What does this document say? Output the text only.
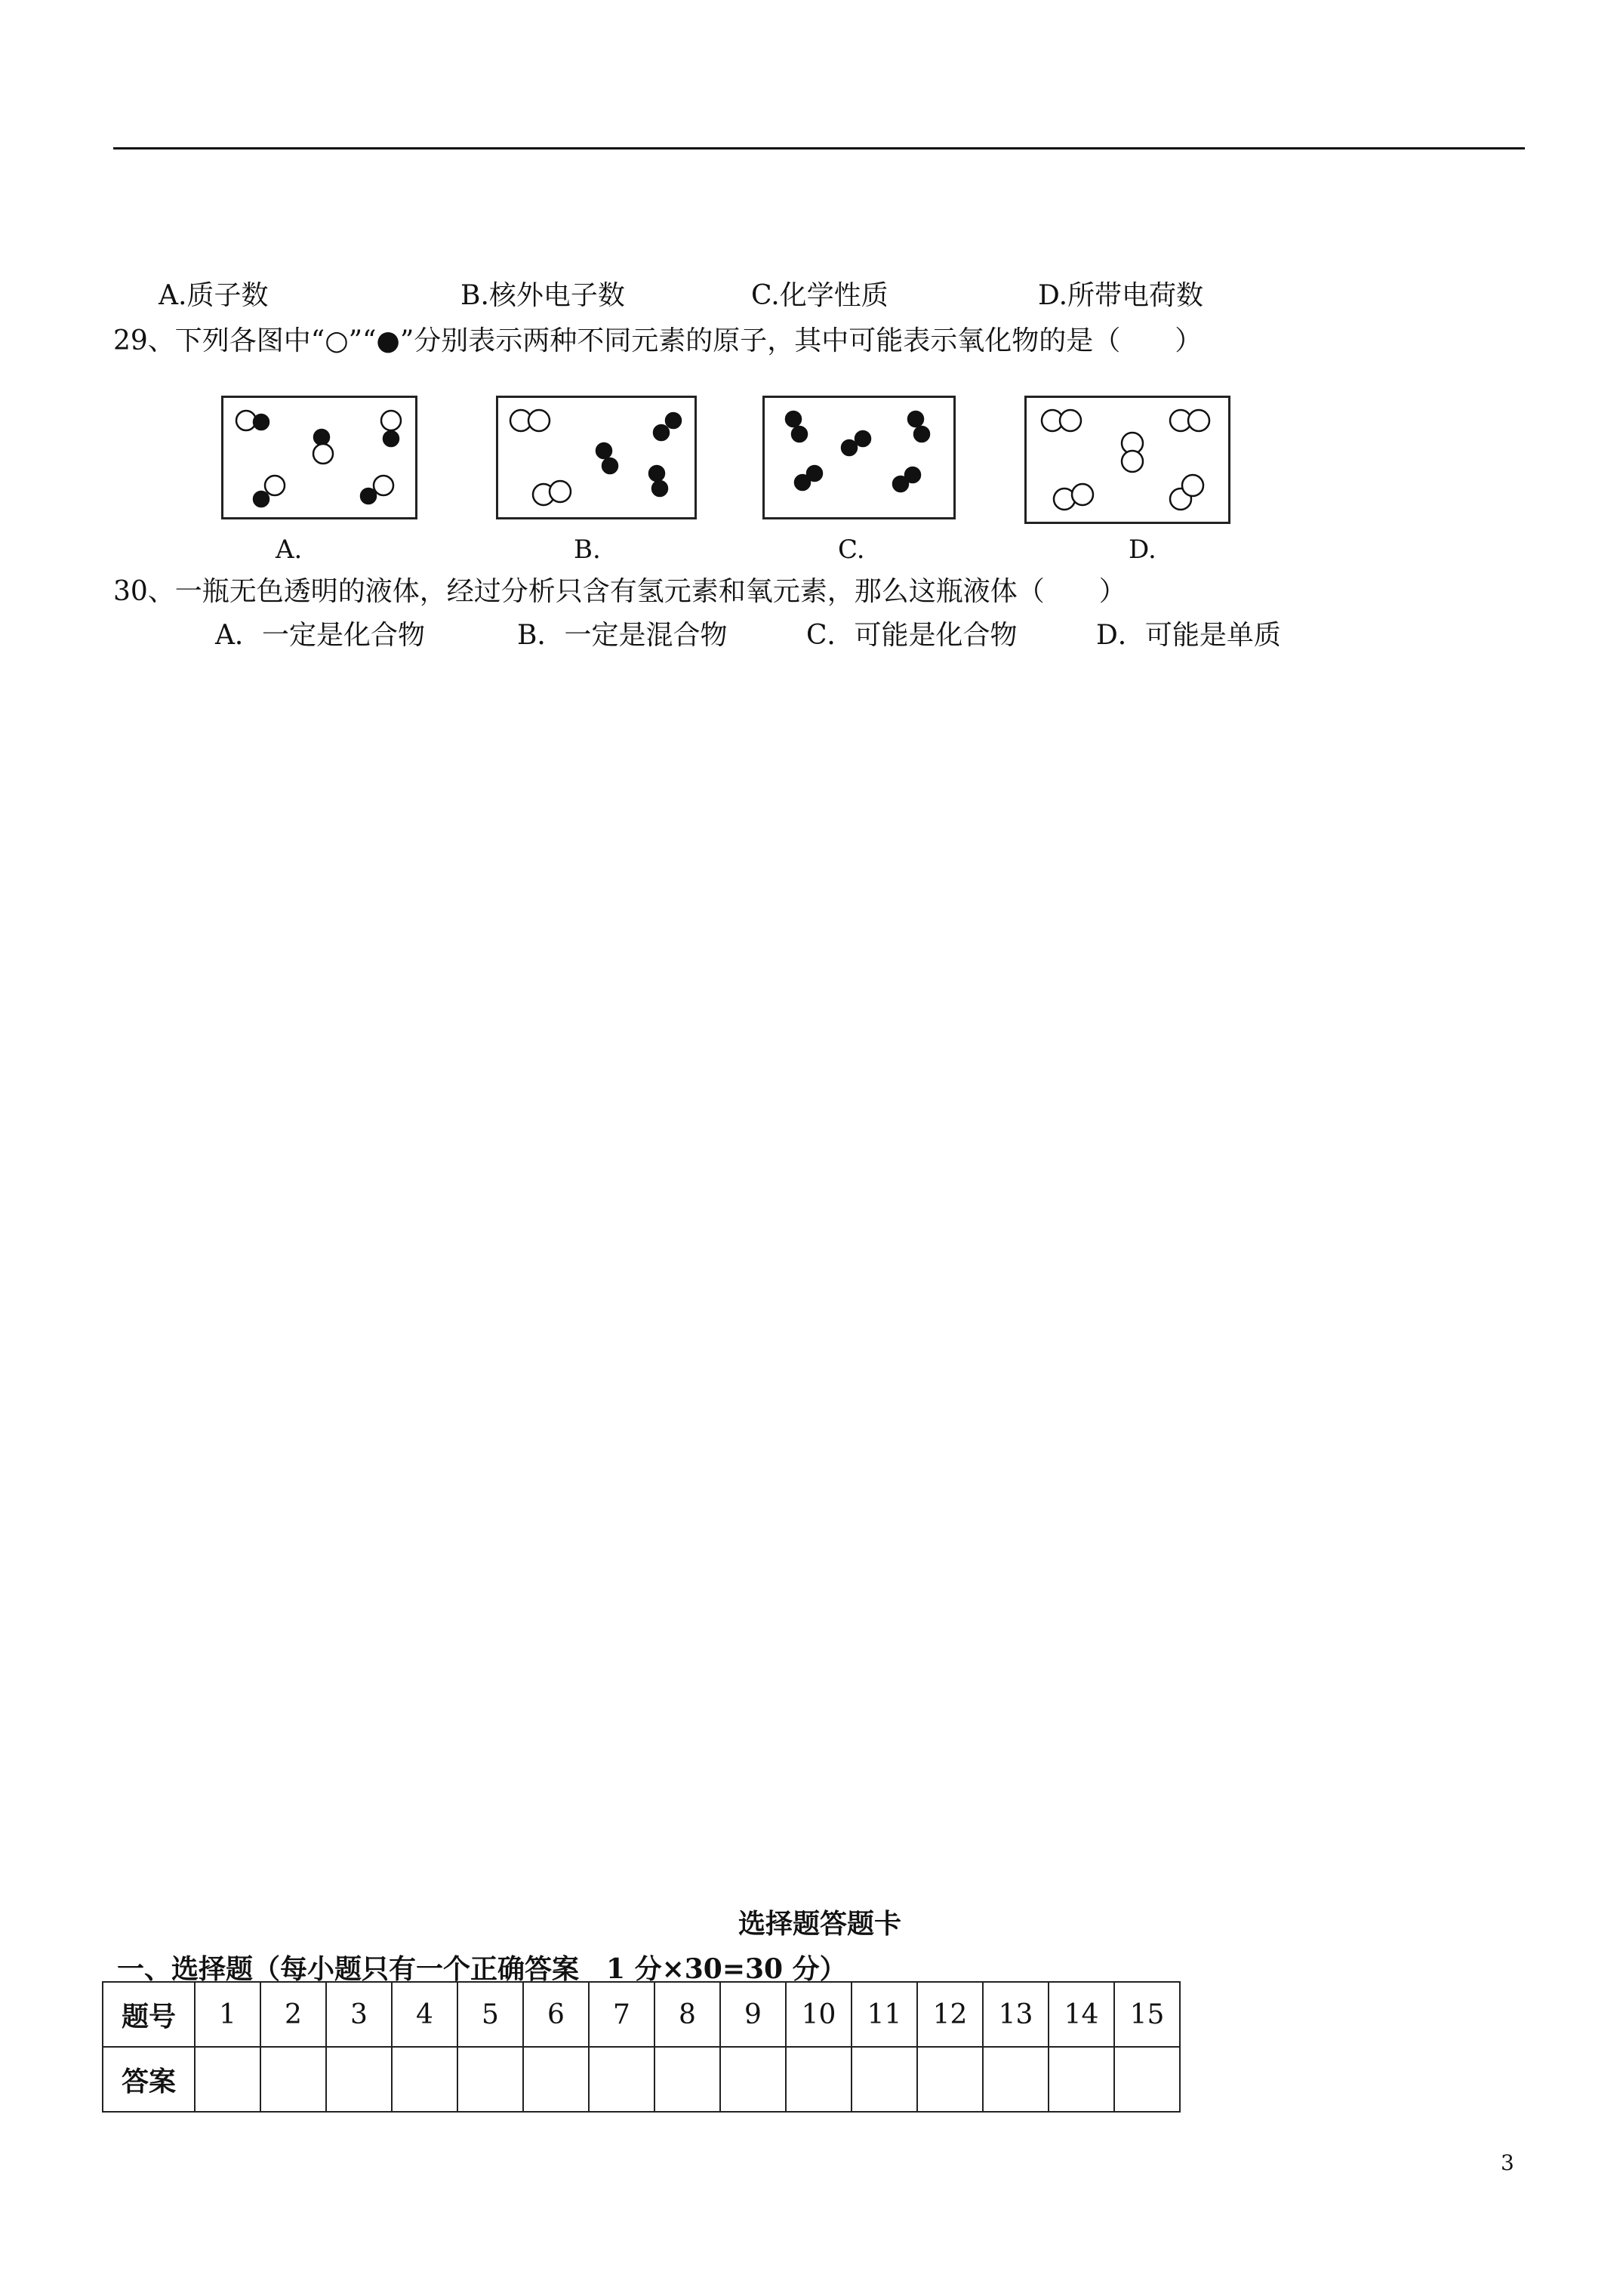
A.质子数	B.核外电子数	C.化学性质	D.所带电荷数
29、下列各图中“○”“●”分别表示两种不同元素的原子，其中可能表示氧化物的是（　　）
A.	B.	C.	D.
30、一瓶无色透明的液体，经过分析只含有氢元素和氧元素，那么这瓶液体（　　）
A．一定是化合物	B．一定是混合物	C．可能是化合物	D．可能是单质
选择题答题卡
一、选择题（每小题只有一个正确答案　1 分×30=30 分）
题号	1	2	3	4	5	6	7	8	9	10	11	12	13	14	15
答案															
3
